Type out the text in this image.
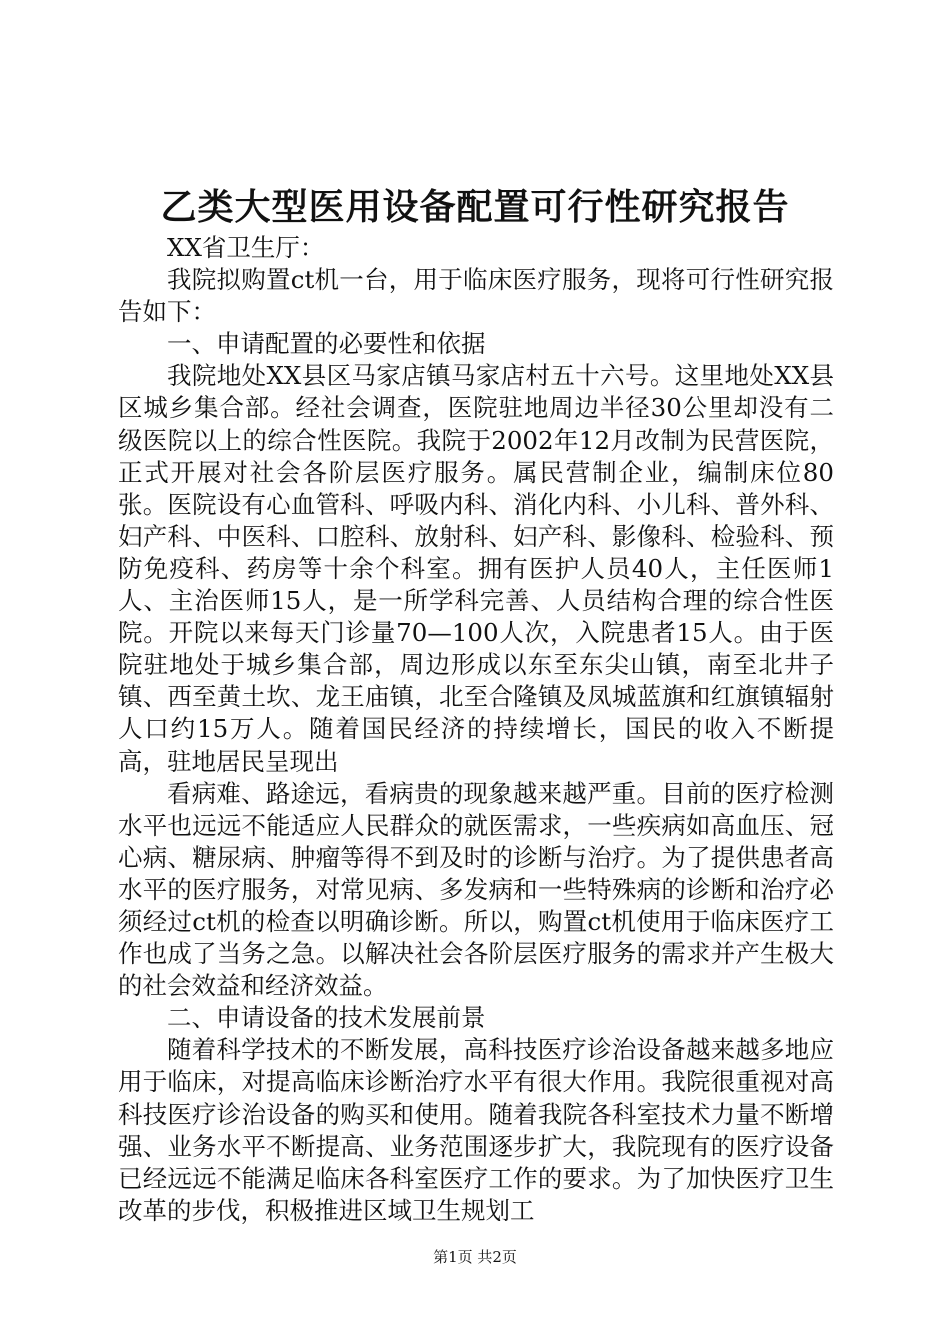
乙类大型医用设备配置可行性研究报告

XX省卫生厅：

我院拟购置ct机一台，用于临床医疗服务，现将可行性研究报告如下：

一、申请配置的必要性和依据

我院地处XX县区马家店镇马家店村五十六号。这里地处XX县区城乡集合部。经社会调查，医院驻地周边半径30公里却没有二级医院以上的综合性医院。我院于2002年12月改制为民营医院，正式开展对社会各阶层医疗服务。属民营制企业，编制床位80张。医院设有心血管科、呼吸内科、消化内科、小儿科、普外科、妇产科、中医科、口腔科、放射科、妇产科、影像科、检验科、预防免疫科、药房等十余个科室。拥有医护人员40人，主任医师1人、主治医师15人，是一所学科完善、人员结构合理的综合性医院。开院以来每天门诊量70—100人次，入院患者15人。由于医院驻地处于城乡集合部，周边形成以东至东尖山镇，南至北井子镇、西至黄土坎、龙王庙镇，北至合隆镇及凤城蓝旗和红旗镇辐射人口约15万人。随着国民经济的持续增长，国民的收入不断提高，驻地居民呈现出

看病难、路途远，看病贵的现象越来越严重。目前的医疗检测水平也远远不能适应人民群众的就医需求，一些疾病如高血压、冠心病、糖尿病、肿瘤等得不到及时的诊断与治疗。为了提供患者高水平的医疗服务，对常见病、多发病和一些特殊病的诊断和治疗必须经过ct机的检查以明确诊断。所以，购置ct机使用于临床医疗工作也成了当务之急。以解决社会各阶层医疗服务的需求并产生极大的社会效益和经济效益。

二、申请设备的技术发展前景

随着科学技术的不断发展，高科技医疗诊治设备越来越多地应用于临床，对提高临床诊断治疗水平有很大作用。我院很重视对高科技医疗诊治设备的购买和使用。随着我院各科室技术力量不断增强、业务水平不断提高、业务范围逐步扩大，我院现有的医疗设备已经远远不能满足临床各科室医疗工作的要求。为了加快医疗卫生改革的步伐，积极推进区域卫生规划工

第1页 共2页
